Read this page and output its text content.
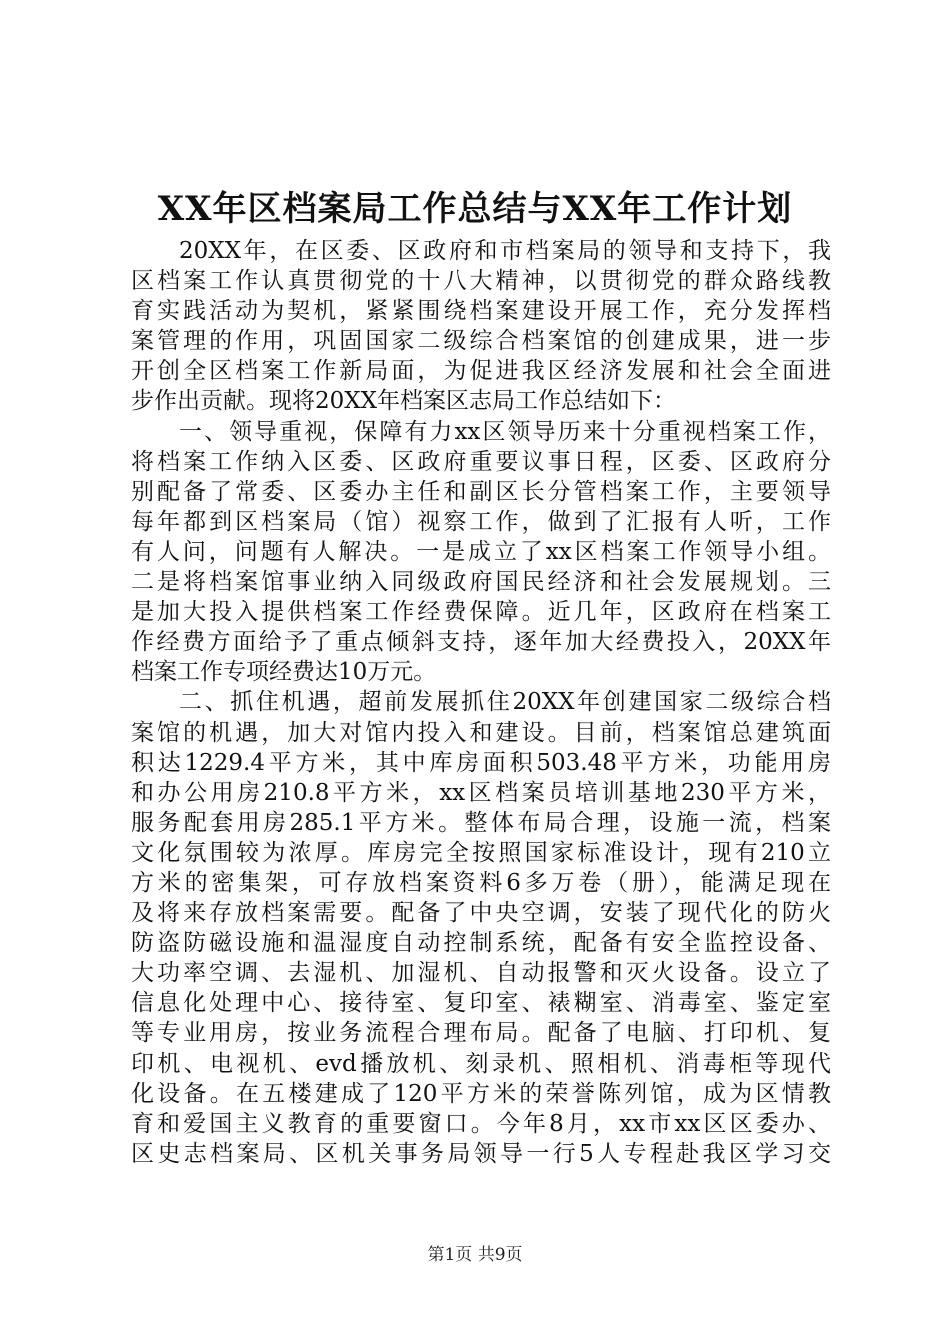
XX年区档案局工作总结与XX年工作计划
20XX年，在区委、区政府和市档案局的领导和支持下，我
区档案工作认真贯彻党的十八大精神，以贯彻党的群众路线教
育实践活动为契机，紧紧围绕档案建设开展工作，充分发挥档
案管理的作用，巩固国家二级综合档案馆的创建成果，进一步
开创全区档案工作新局面，为促进我区经济发展和社会全面进
步作出贡献。现将20XX年档案区志局工作总结如下：
一、领导重视，保障有力xx区领导历来十分重视档案工作，
将档案工作纳入区委、区政府重要议事日程，区委、区政府分
别配备了常委、区委办主任和副区长分管档案工作，主要领导
每年都到区档案局（馆）视察工作，做到了汇报有人听，工作
有人问，问题有人解决。一是成立了xx区档案工作领导小组。
二是将档案馆事业纳入同级政府国民经济和社会发展规划。三
是加大投入提供档案工作经费保障。近几年，区政府在档案工
作经费方面给予了重点倾斜支持，逐年加大经费投入，20XX年
档案工作专项经费达10万元。
二、抓住机遇，超前发展抓住20XX年创建国家二级综合档
案馆的机遇，加大对馆内投入和建设。目前，档案馆总建筑面
积达1229.4平方米，其中库房面积503.48平方米，功能用房
和办公用房210.8平方米，xx区档案员培训基地230平方米，
服务配套用房285.1平方米。整体布局合理，设施一流，档案
文化氛围较为浓厚。库房完全按照国家标准设计，现有210立
方米的密集架，可存放档案资料6多万卷（册），能满足现在
及将来存放档案需要。配备了中央空调，安装了现代化的防火
防盗防磁设施和温湿度自动控制系统，配备有安全监控设备、
大功率空调、去湿机、加湿机、自动报警和灭火设备。设立了
信息化处理中心、接待室、复印室、裱糊室、消毒室、鉴定室
等专业用房，按业务流程合理布局。配备了电脑、打印机、复
印机、电视机、evd播放机、刻录机、照相机、消毒柜等现代
化设备。在五楼建成了120平方米的荣誉陈列馆，成为区情教
育和爱国主义教育的重要窗口。今年8月，xx市xx区区委办、
区史志档案局、区机关事务局领导一行5人专程赴我区学习交
第1页 共9页
